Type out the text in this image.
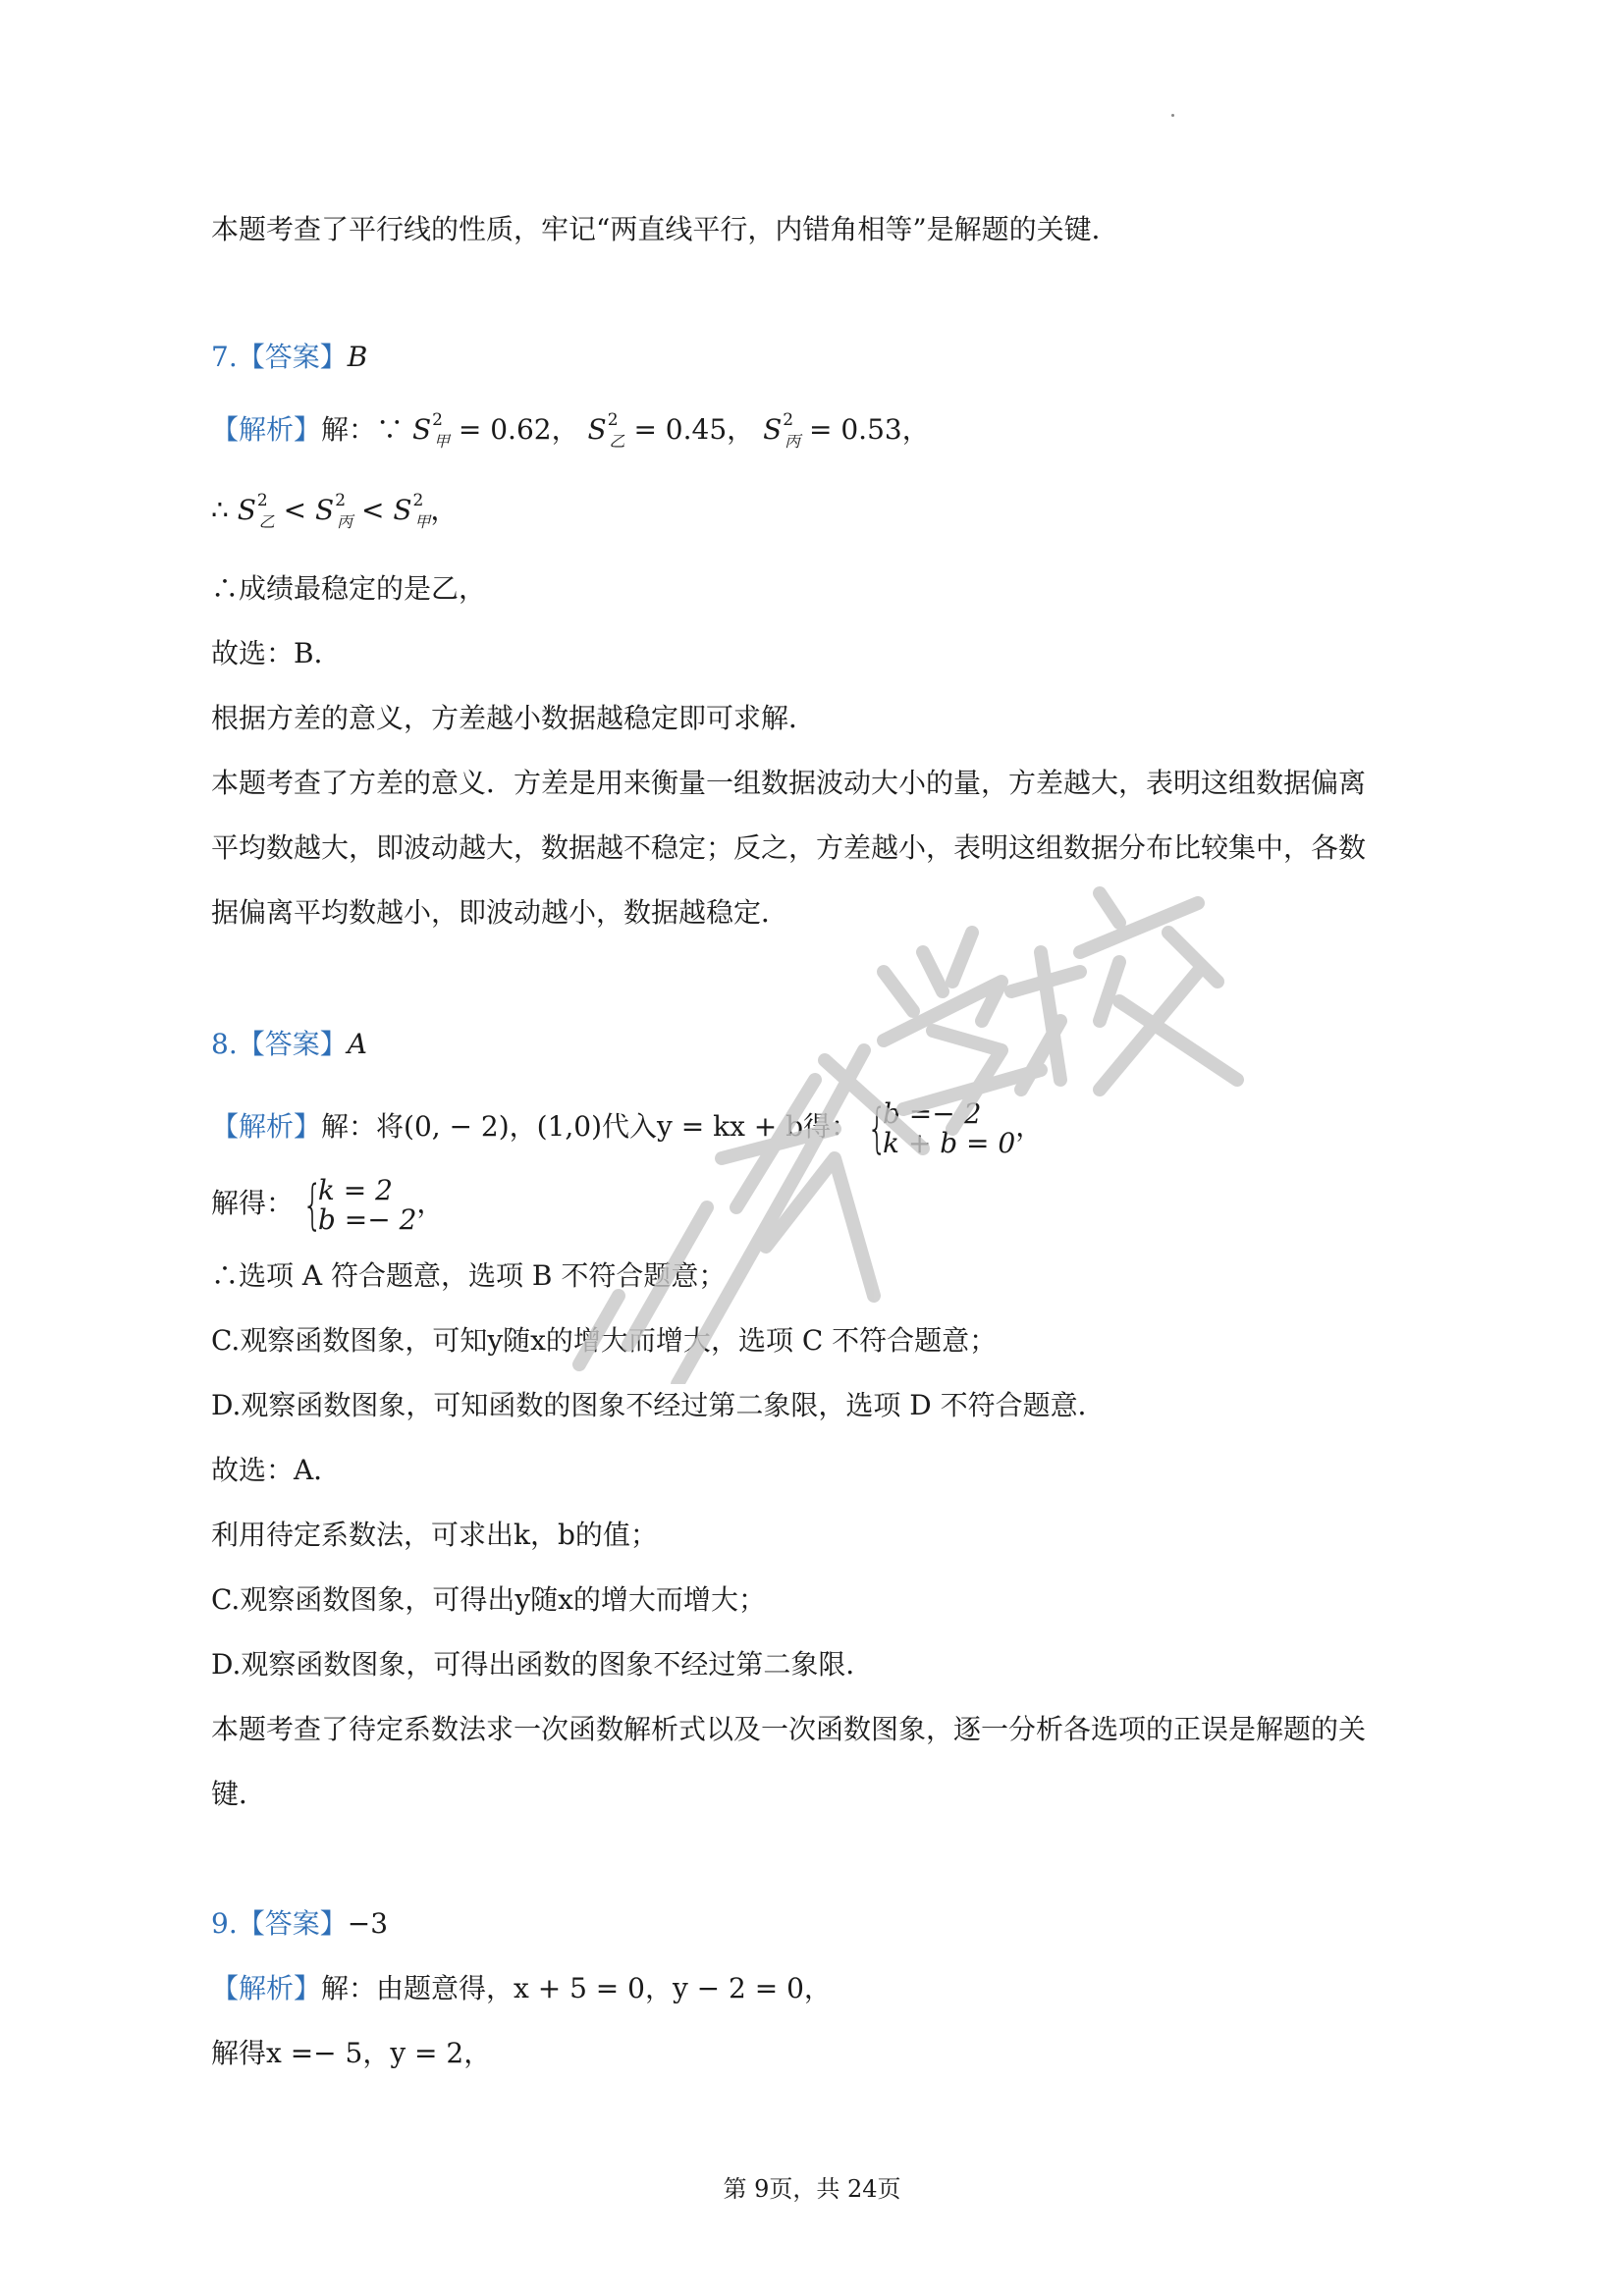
本题考查了平行线的性质，牢记“两直线平行，内错角相等”是解题的关键．
7.【答案】B
【解析】解：∵ $S^2_甲 = 0.62$， $S^2_乙 = 0.45$， $S^2_丙 = 0.53$，
∴ $S^2_乙 < S^2_丙 < S^2_甲$，
∴成绩最稳定的是乙，
故选：B．
根据方差的意义，方差越小数据越稳定即可求解．
本题考查了方差的意义．方差是用来衡量一组数据波动大小的量，方差越大，表明这组数据偏离
平均数越大，即波动越大，数据越不稳定；反之，方差越小，表明这组数据分布比较集中，各数
据偏离平均数越小，即波动越小，数据越稳定．
8.【答案】A
【解析】解：将(0, − 2)，(1,0)代入y = kx + b得： {
b =− 2
k + b = 0 ，
解得： {
k = 2
b =− 2 ，
∴选项 A 符合题意，选项 B 不符合题意；
C.观察函数图象，可知y随x的增大而增大，选项 C 不符合题意；
D.观察函数图象，可知函数的图象不经过第二象限，选项 D 不符合题意．
故选：A．
利用待定系数法，可求出k，b的值；
C.观察函数图象，可得出y随x的增大而增大；
D.观察函数图象，可得出函数的图象不经过第二象限．
本题考查了待定系数法求一次函数解析式以及一次函数图象，逐一分析各选项的正误是解题的关
键．
9.【答案】−3
【解析】解：由题意得，x + 5 = 0，y − 2 = 0，
解得x =− 5，y = 2，
第 9页，共 24页
